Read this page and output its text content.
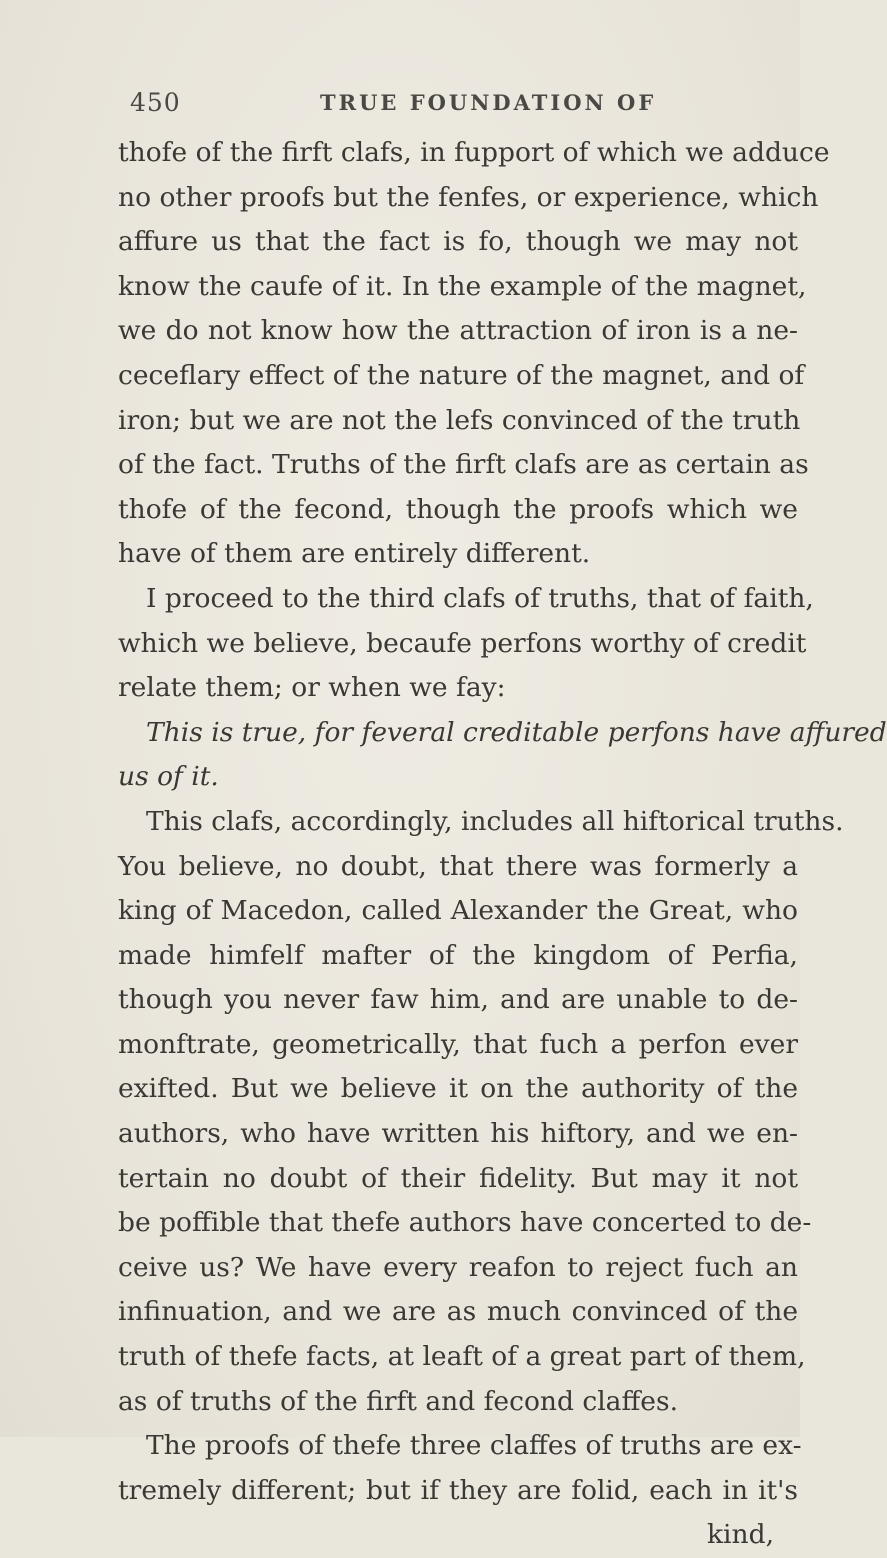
450	TRUE FOUNDATION OF
thofe of the firft clafs, in fupport of which we adduce
no other proofs but the fenfes, or experience, which
affure us that the fact is fo, though we may not
know the caufe of it. In the example of the magnet,
we do not know how the attraction of iron is a ne-
ceceflary effect of the nature of the magnet, and of
iron; but we are not the lefs convinced of the truth
of the fact. Truths of the firft clafs are as certain as
thofe of the fecond, though the proofs which we
have of them are entirely different.
I proceed to the third clafs of truths, that of faith,
which we believe, becaufe perfons worthy of credit
relate them; or when we fay:
This is true, for feveral creditable perfons have affured
us of it.
This clafs, accordingly, includes all hiftorical truths.
You believe, no doubt, that there was formerly a
king of Macedon, called Alexander the Great, who
made himfelf mafter of the kingdom of Perfia,
though you never faw him, and are unable to de-
monftrate, geometrically, that fuch a perfon ever
exifted. But we believe it on the authority of the
authors, who have written his hiftory, and we en-
tertain no doubt of their fidelity. But may it not
be poffible that thefe authors have concerted to de-
ceive us? We have every reafon to reject fuch an
infinuation, and we are as much convinced of the
truth of thefe facts, at leaft of a great part of them,
as of truths of the firft and fecond claffes.
The proofs of thefe three claffes of truths are ex-
tremely different; but if they are folid, each in it's
kind,
